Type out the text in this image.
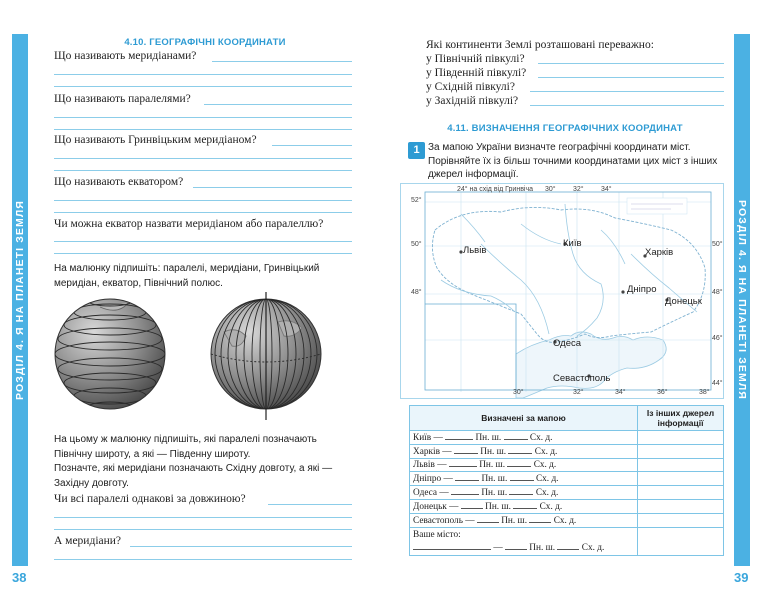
РОЗДІЛ 4. Я НА ПЛАНЕТІ ЗЕМЛЯ
38
4.10. ГЕОГРАФІЧНІ КООРДИНАТИ
Що називають меридіанами?
Що називають паралелями?
Що називають Гринвіцьким меридіаном?
Що називають екватором?
Чи можна екватор назвати меридіаном або паралеллю?
На малюнку підпишіть: паралелі, меридіани, Гринвіцький меридіан, екватор, Північний полюс.
На цьому ж малюнку підпишіть, які паралелі позначають Північну широту, а які — Південну широту.
Позначте, які меридіани позначають Східну довготу, а які — Західну довготу.
Чи всі паралелі однакові за довжиною?
А меридіани?
РОЗДІЛ 4. Я НА ПЛАНЕТІ ЗЕМЛЯ
39
Які континенти Землі розташовані переважно:
у Північній півкулі?
у Південній півкулі?
у Східній півкулі?
у Західній півкулі?
4.11. ВИЗНАЧЕННЯ ГЕОГРАФІЧНИХ КООРДИНАТ
1 За мапою України визначте географічні координати міст. Порівняйте їх із більш точними координатами цих міст з інших джерел інформації.
24° на схід від Гринвіча 30° 32° 34°
30°	32°	34°	36°	38°
52°
50°
48°
50°
48°
46°
44°
Львів
Київ
Харків
Дніпро
Донецьк
Одеса
Севастополь
Визначені за мапою	Із інших джерел інформації
Київ — Пн. ш. Сх. д.	
Харків — Пн. ш. Сх. д.	
Львів — Пн. ш. Сх. д.	
Дніпро — Пн. ш. Сх. д.	
Одеса — Пн. ш. Сх. д.	
Донецьк — Пн. ш. Сх. д.	
Севастополь — Пн. ш. Сх. д.	
Ваше місто:
— Пн. ш. Сх. д.	
